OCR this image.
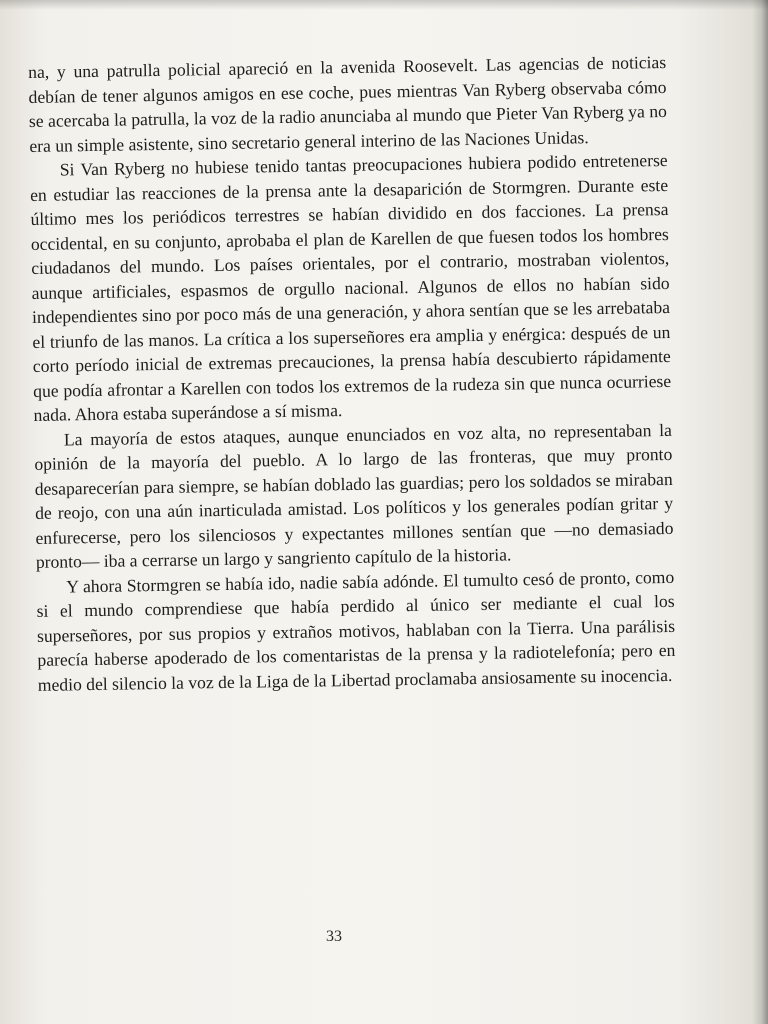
na, y una patrulla policial apareció en la avenida Roosevelt. Las agencias de noticias debían de tener algunos amigos en ese coche, pues mientras Van Ryberg observaba cómo se acercaba la patrulla, la voz de la radio anunciaba al mundo que Pieter Van Ryberg ya no era un simple asistente, sino secretario general interino de las Naciones Unidas.

Si Van Ryberg no hubiese tenido tantas preocupaciones hubiera podido entretenerse en estudiar las reacciones de la prensa ante la desaparición de Stormgren. Durante este último mes los periódicos terrestres se habían dividido en dos facciones. La prensa occidental, en su conjunto, aprobaba el plan de Karellen de que fuesen todos los hombres ciudadanos del mundo. Los países orientales, por el contrario, mostraban violentos, aunque artificiales, espasmos de orgullo nacional. Algunos de ellos no habían sido independientes sino por poco más de una generación, y ahora sentían que se les arrebataba el triunfo de las manos. La crítica a los superseñores era amplia y enérgica: después de un corto período inicial de extremas precauciones, la prensa había descubierto rápidamente que podía afrontar a Karellen con todos los extremos de la rudeza sin que nunca ocurriese nada. Ahora estaba superándose a sí misma.

La mayoría de estos ataques, aunque enunciados en voz alta, no representaban la opinión de la mayoría del pueblo. A lo largo de las fronteras, que muy pronto desaparecerían para siempre, se habían doblado las guardias; pero los soldados se miraban de reojo, con una aún inarticulada amistad. Los políticos y los generales podían gritar y enfurecerse, pero los silenciosos y expectantes millones sentían que —no demasiado pronto— iba a cerrarse un largo y sangriento capítulo de la historia.

Y ahora Stormgren se había ido, nadie sabía adónde. El tumulto cesó de pronto, como si el mundo comprendiese que había perdido al único ser mediante el cual los superseñores, por sus propios y extraños motivos, hablaban con la Tierra. Una parálisis parecía haberse apoderado de los comentaristas de la prensa y la radiotelefonía; pero en medio del silencio la voz de la Liga de la Libertad proclamaba ansiosamente su inocencia.

33
